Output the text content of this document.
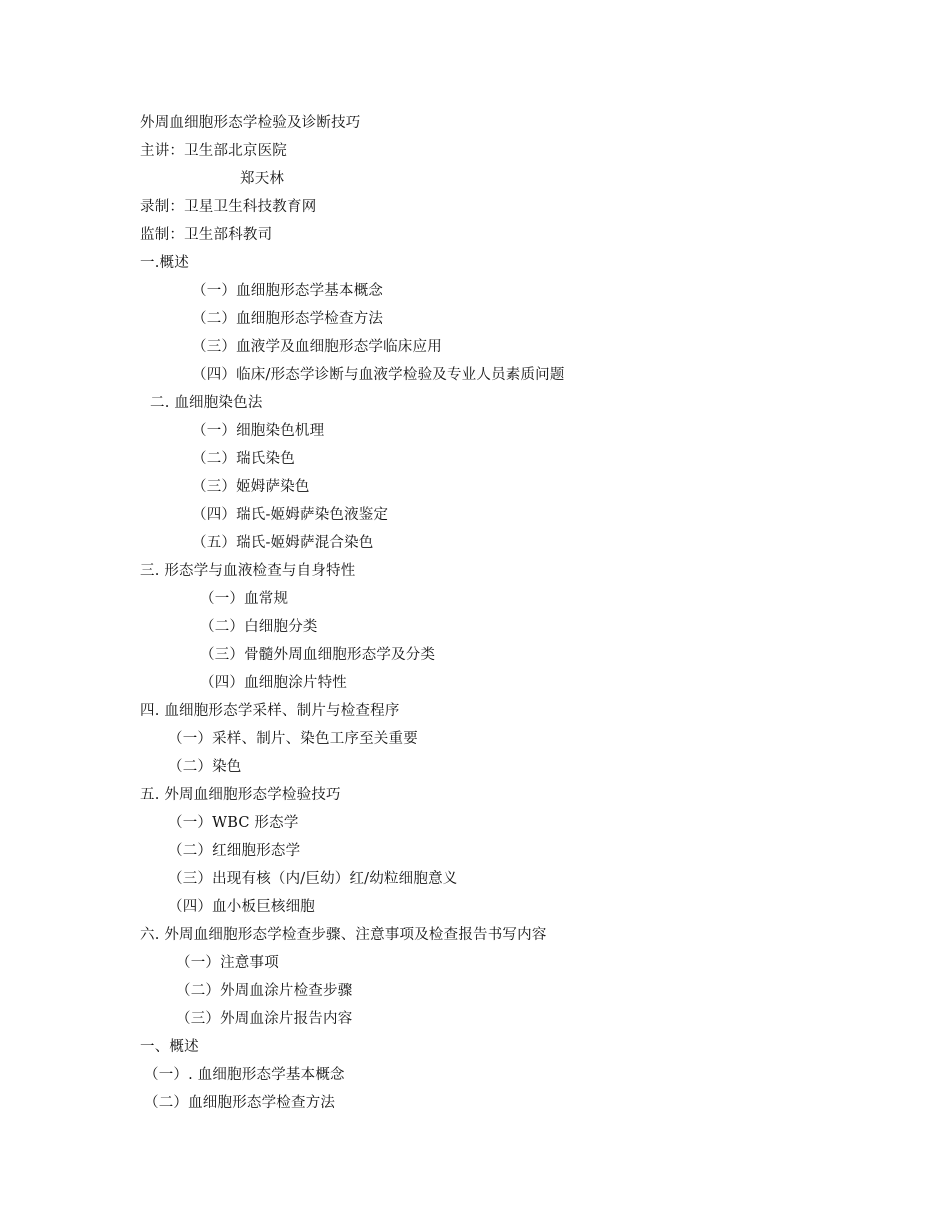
外周血细胞形态学检验及诊断技巧
主讲：卫生部北京医院
郑天林
录制：卫星卫生科技教育网
监制：卫生部科教司
一.概述
（一）血细胞形态学基本概念
（二）血细胞形态学检查方法
（三）血液学及血细胞形态学临床应用
（四）临床/形态学诊断与血液学检验及专业人员素质问题
二. 血细胞染色法
（一）细胞染色机理
（二）瑞氏染色
（三）姬姆萨染色
（四）瑞氏-姬姆萨染色液鉴定
（五）瑞氏-姬姆萨混合染色
三. 形态学与血液检查与自身特性
（一）血常规
（二）白细胞分类
（三）骨髓外周血细胞形态学及分类
（四）血细胞涂片特性
四. 血细胞形态学采样、制片与检查程序
（一）采样、制片、染色工序至关重要
（二）染色
五. 外周血细胞形态学检验技巧
（一）WBC 形态学
（二）红细胞形态学
（三）出现有核（内/巨幼）红/幼粒细胞意义
（四）血小板巨核细胞
六. 外周血细胞形态学检查步骤、注意事项及检查报告书写内容
（一）注意事项
（二）外周血涂片检查步骤
（三）外周血涂片报告内容
一、概述
（一）. 血细胞形态学基本概念
（二）血细胞形态学检查方法
